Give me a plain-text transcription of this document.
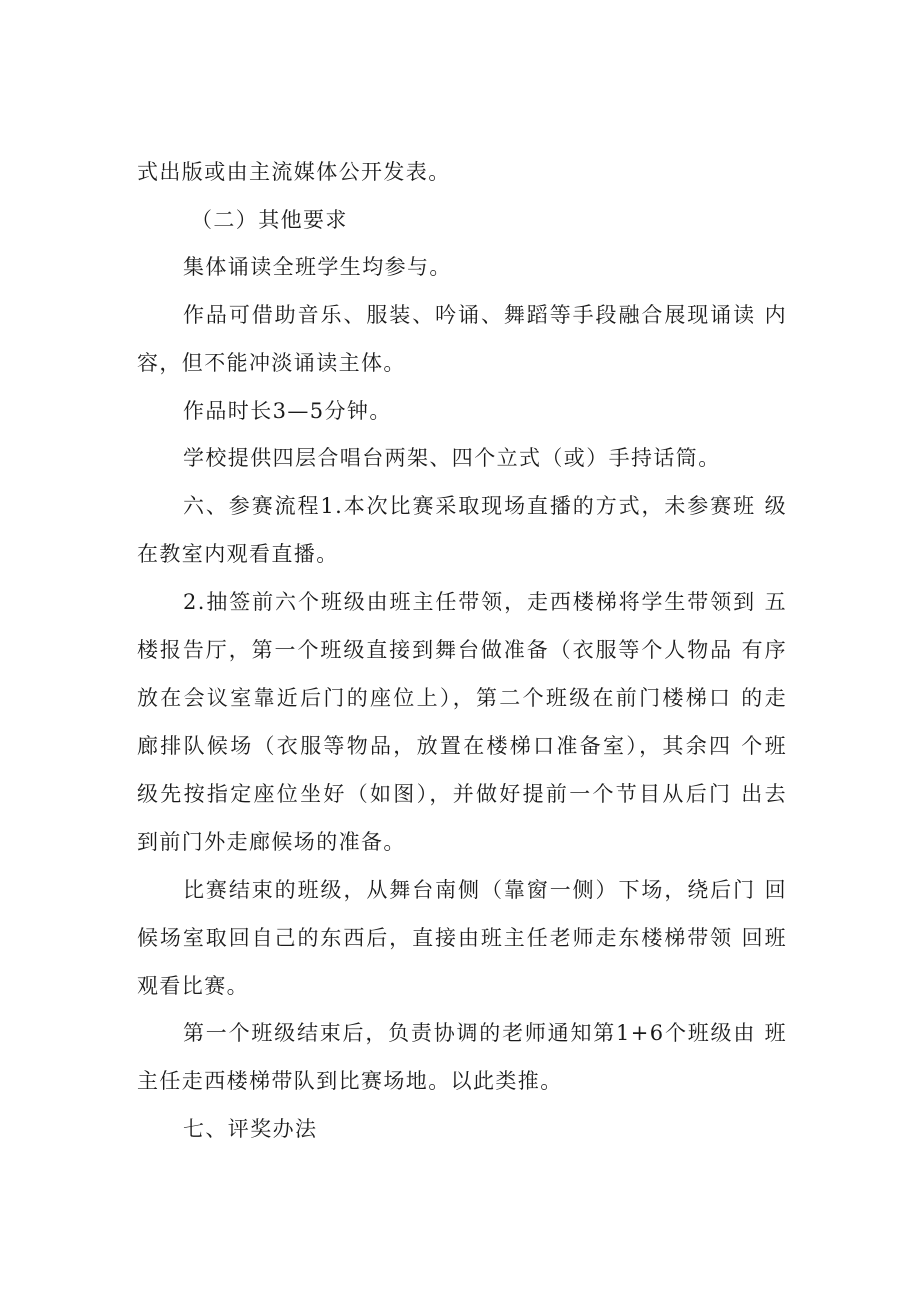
式出版或由主流媒体公开发表。
（二）其他要求
集体诵读全班学生均参与。
作品可借助音乐、服装、吟诵、舞蹈等手段融合展现诵读 内
容，但不能冲淡诵读主体。
作品时长3—5分钟。
学校提供四层合唱台两架、四个立式（或）手持话筒。
六、参赛流程1.本次比赛采取现场直播的方式，未参赛班 级
在教室内观看直播。
2.抽签前六个班级由班主任带领，走西楼梯将学生带领到 五
楼报告厅，第一个班级直接到舞台做准备（衣服等个人物品 有序
放在会议室靠近后门的座位上），第二个班级在前门楼梯口 的走
廊排队候场（衣服等物品，放置在楼梯口准备室），其余四 个班
级先按指定座位坐好（如图），并做好提前一个节目从后门 出去
到前门外走廊候场的准备。
比赛结束的班级，从舞台南侧（靠窗一侧）下场，绕后门 回
候场室取回自己的东西后，直接由班主任老师走东楼梯带领 回班
观看比赛。
第一个班级结束后，负责协调的老师通知第1+6个班级由 班
主任走西楼梯带队到比赛场地。以此类推。
七、评奖办法
